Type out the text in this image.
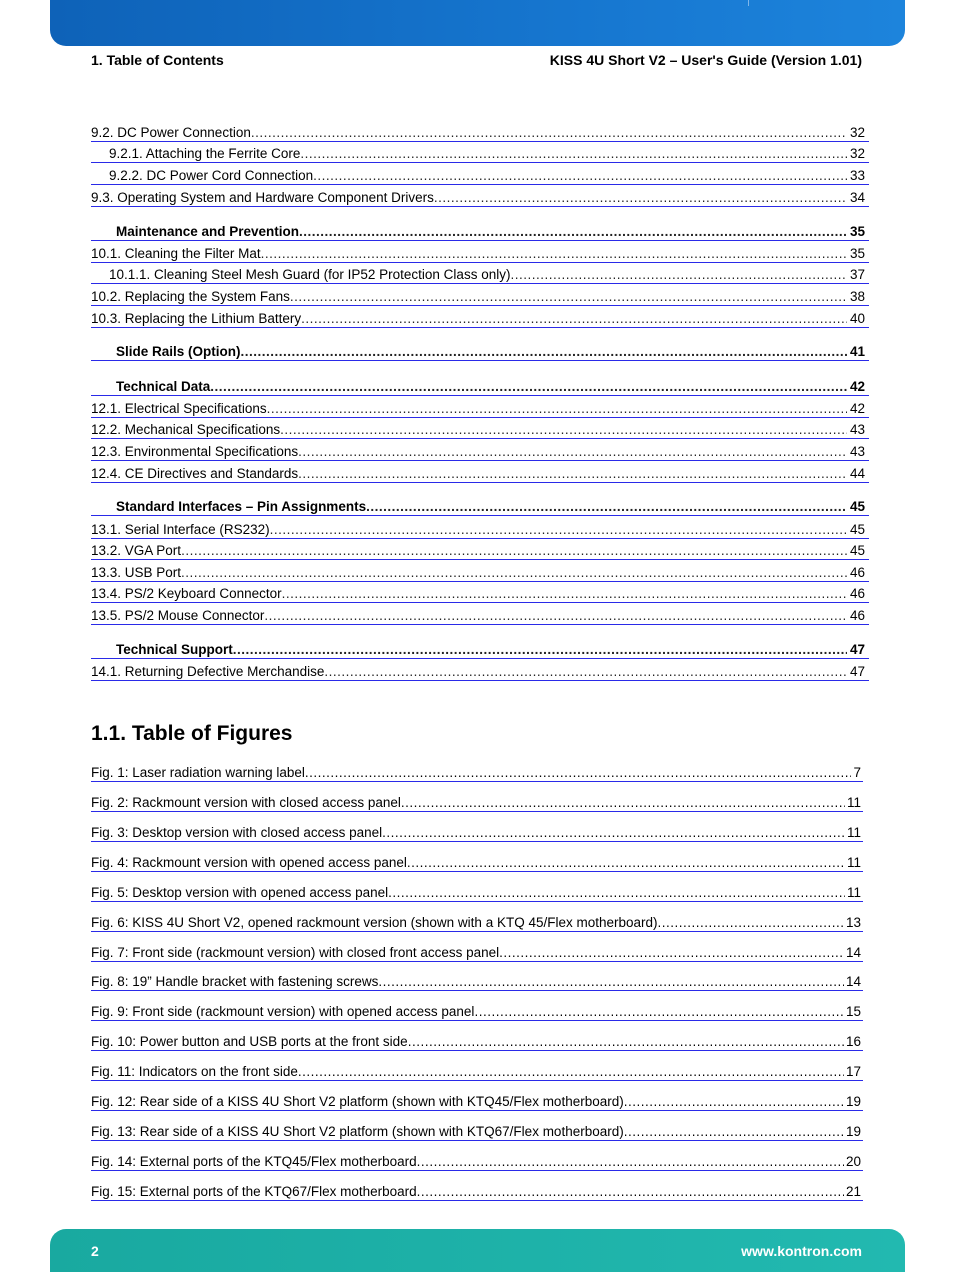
1. Table of Contents	KISS 4U Short V2 – User's Guide (Version 1.01)
9.2. DC Power Connection .....	32
9.2.1. Attaching the Ferrite Core .....	32
9.2.2. DC Power Cord Connection .....	33
9.3. Operating System and Hardware Component Drivers .....	34
Maintenance and Prevention .....	35
10.1. Cleaning the Filter Mat .....	35
10.1.1. Cleaning Steel Mesh Guard (for IP52 Protection Class only) .....	37
10.2. Replacing the System Fans .....	38
10.3. Replacing the Lithium Battery .....	40
Slide Rails (Option) .....	41
Technical Data .....	42
12.1. Electrical Specifications .....	42
12.2. Mechanical Specifications .....	43
12.3. Environmental Specifications .....	43
12.4. CE Directives and Standards .....	44
Standard Interfaces – Pin Assignments .....	45
13.1. Serial Interface (RS232) .....	45
13.2. VGA Port .....	45
13.3. USB Port .....	46
13.4. PS/2 Keyboard Connector .....	46
13.5. PS/2 Mouse Connector .....	46
Technical Support .....	47
14.1. Returning Defective Merchandise .....	47
1.1. Table of Figures
Fig. 1: Laser radiation warning label .....	7
Fig. 2: Rackmount version with closed access panel .....	11
Fig. 3: Desktop version with closed access panel .....	11
Fig. 4: Rackmount version with opened access panel .....	11
Fig. 5: Desktop version with opened access panel .....	11
Fig. 6: KISS 4U Short V2, opened rackmount version (shown with a KTQ 45/Flex motherboard) .....	13
Fig. 7: Front side (rackmount version) with closed front access panel .....	14
Fig. 8: 19” Handle bracket with fastening screws .....	14
Fig. 9: Front side (rackmount version) with opened access panel .....	15
Fig. 10: Power button and USB ports at the front side .....	16
Fig. 11: Indicators on the front side .....	17
Fig. 12: Rear side of a KISS 4U Short V2 platform (shown with KTQ45/Flex motherboard) .....	19
Fig. 13: Rear side of a KISS 4U Short V2 platform (shown with KTQ67/Flex motherboard) .....	19
Fig. 14: External ports of the KTQ45/Flex motherboard .....	20
Fig. 15: External ports of the KTQ67/Flex motherboard .....	21
2	www.kontron.com
